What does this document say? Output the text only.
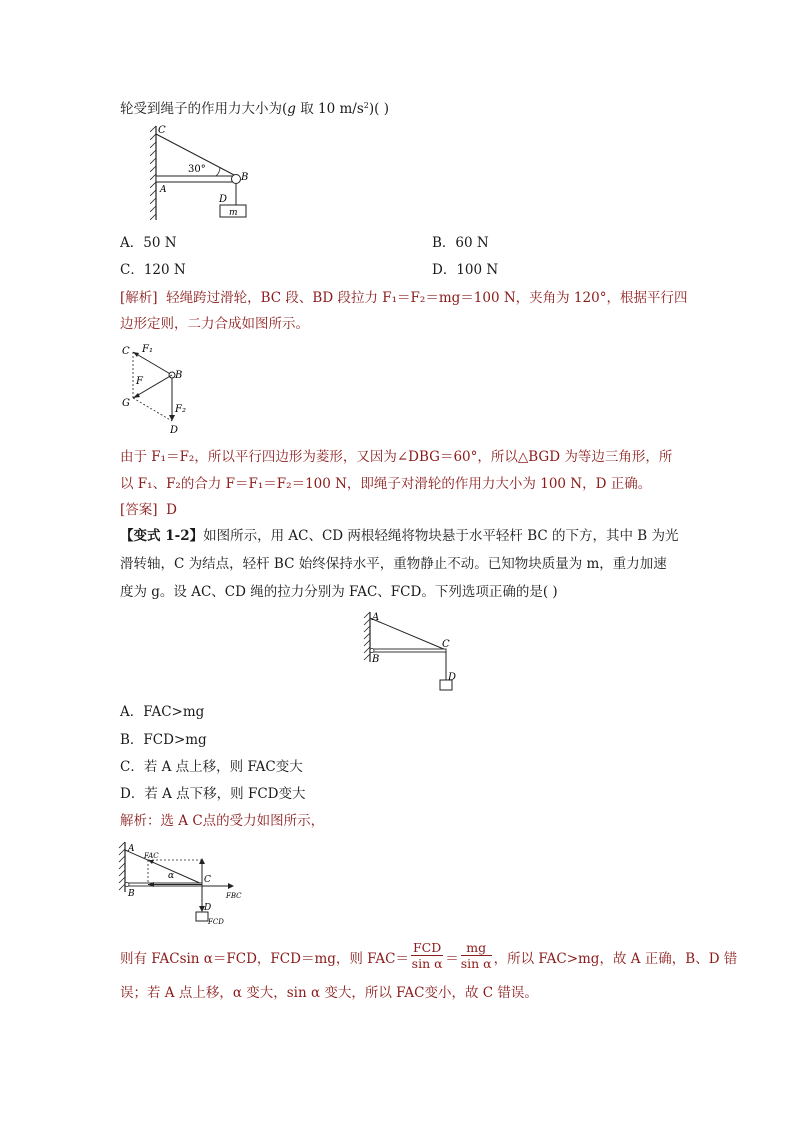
轮受到绳子的作用力大小为(g 取 10 $m/s^2$)( )
C
30°
B
A
D
m
A．50 N	B．60 N
C．120 N	D．100 N
[解析] 轻绳跨过滑轮，BC 段、BD 段拉力 F₁＝F₂＝mg＝100 N，夹角为 120°，根据平行四
边形定则，二力合成如图所示。
C F₁
B
F
G
F₂
D
由于 F₁＝F₂，所以平行四边形为菱形，又因为∠DBG＝60°，所以△BGD 为等边三角形，所
以 F₁、F₂的合力 F＝F₁＝F₂＝100 N，即绳子对滑轮的作用力大小为 100 N，D 正确。
[答案] D
【变式 1-2】如图所示，用 AC、CD 两根轻绳将物块悬于水平轻杆 BC 的下方，其中 B 为光
滑转轴，C 为结点，轻杆 BC 始终保持水平，重物静止不动。已知物块质量为 m，重力加速
度为 g。设 AC、CD 绳的拉力分别为 FAC、FCD。下列选项正确的是( )
A
B
C
D
A．FAC>mg
B．FCD>mg
C．若 A 点上移，则 FAC变大
D．若 A 点下移，则 FCD变大
解析：选 A C点的受力如图所示，
A
FAC
α
B
C
FBC
D
FCD
则有 FACsin α＝FCD，FCD＝mg，则 $FAC= \frac{\text{FCD}}{\text{sin α}} = \frac{mg}{\text{sin α}}$ ，所以 FAC>mg，故 A 正确，B、D 错
误；若 A 点上移，α 变大，sin α 变大，所以 FAC变小，故 C 错误。
